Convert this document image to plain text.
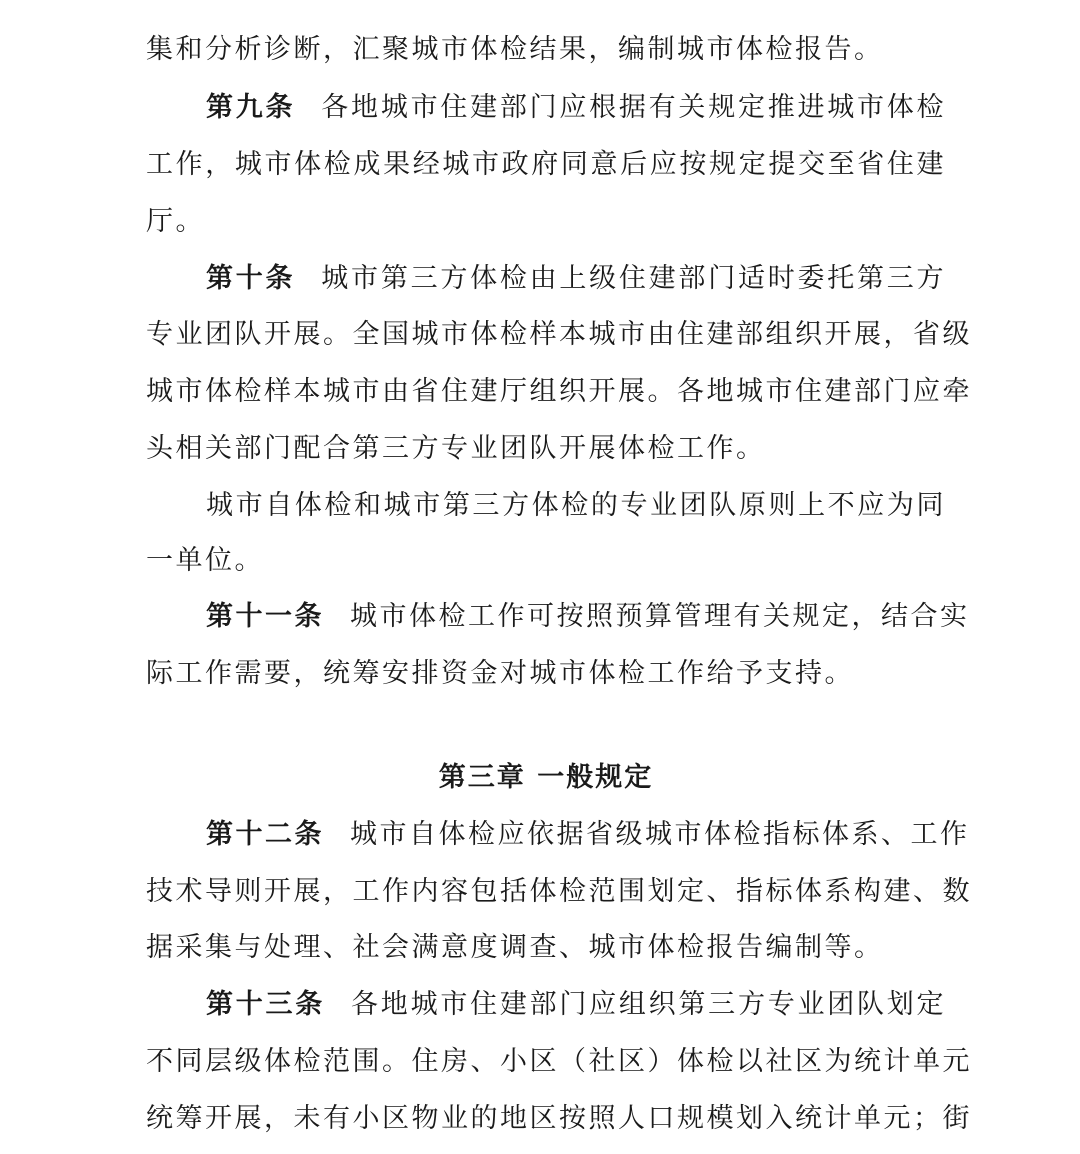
集和分析诊断，汇聚城市体检结果，编制城市体检报告。
第九条 各地城市住建部门应根据有关规定推进城市体检
工作，城市体检成果经城市政府同意后应按规定提交至省住建
厅。
第十条 城市第三方体检由上级住建部门适时委托第三方
专业团队开展。全国城市体检样本城市由住建部组织开展，省级
城市体检样本城市由省住建厅组织开展。各地城市住建部门应牵
头相关部门配合第三方专业团队开展体检工作。
城市自体检和城市第三方体检的专业团队原则上不应为同
一单位。
第十一条 城市体检工作可按照预算管理有关规定，结合实
际工作需要，统筹安排资金对城市体检工作给予支持。
第三章 一般规定
第十二条 城市自体检应依据省级城市体检指标体系、工作
技术导则开展，工作内容包括体检范围划定、指标体系构建、数
据采集与处理、社会满意度调查、城市体检报告编制等。
第十三条 各地城市住建部门应组织第三方专业团队划定
不同层级体检范围。住房、小区（社区）体检以社区为统计单元
统筹开展，未有小区物业的地区按照人口规模划入统计单元；街
